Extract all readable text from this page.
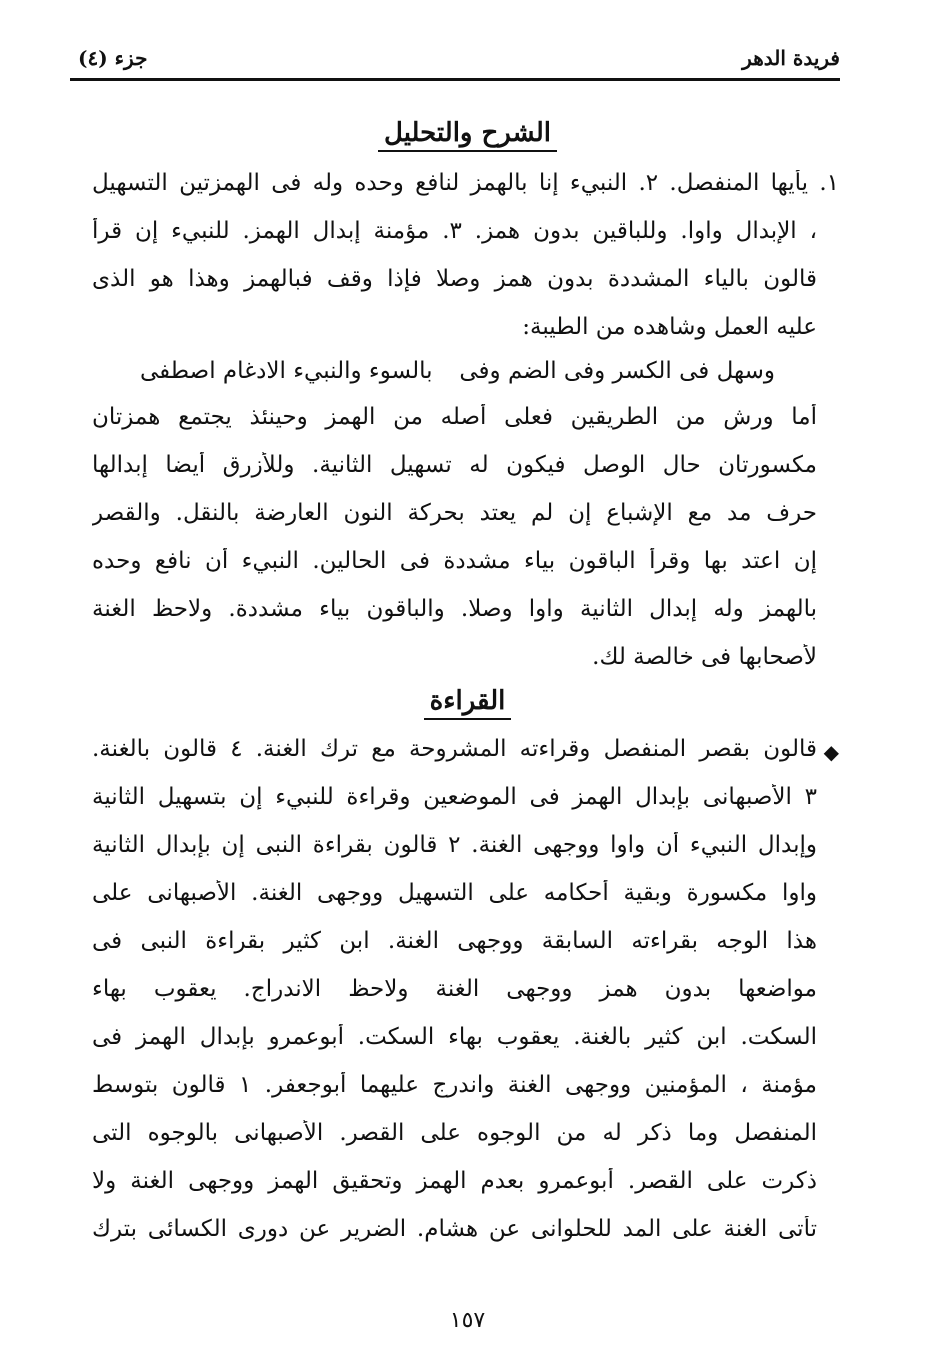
فريدة الدهر
جزء (٤)
الشرح والتحليل
١. يأيها المنفصل. ٢. النبيء إنا بالهمز لنافع وحده وله فى الهمزتين التسهيل
، الإبدال واوا. وللباقين بدون همز. ٣. مؤمنة إبدال الهمز. للنبيء إن قرأ
قالون بالياء المشددة بدون همز وصلا فإذا وقف فبالهمز وهذا هو الذى
عليه العمل وشاهده من الطيبة:
وسهل فى الكسر وفى الضم وفى
بالسوء والنبيء الادغام اصطفى
أما ورش من الطريقين فعلى أصله من الهمز وحينئذ يجتمع همزتان
مكسورتان حال الوصل فيكون له تسهيل الثانية. وللأزرق أيضا إبدالها
حرف مد مع الإشباع إن لم يعتد بحركة النون العارضة بالنقل. والقصر
إن اعتد بها وقرأ الباقون بياء مشددة فى الحالين. النبيء أن نافع وحده
بالهمز وله إبدال الثانية واوا وصلا. والباقون بياء مشددة. ولاحظ الغنة
لأصحابها فى خالصة لك.
القراءة
◆
قالون بقصر المنفصل وقراءته المشروحة مع ترك الغنة. ٤ قالون بالغنة.
٣ الأصبهانى بإبدال الهمز فى الموضعين وقراءة للنبيء إن بتسهيل الثانية
وإبدال النبيء أن واوا ووجهى الغنة. ٢ قالون بقراءة النبى إن بإبدال الثانية
واوا مكسورة وبقية أحكامه على التسهيل ووجهى الغنة. الأصبهانى على
هذا الوجه بقراءته السابقة ووجهى الغنة. ابن كثير بقراءة النبى فى
مواضعها بدون همز ووجهى الغنة ولاحظ الاندراج. يعقوب بهاء
السكت. ابن كثير بالغنة. يعقوب بهاء السكت. أبوعمرو بإبدال الهمز فى
مؤمنة ، المؤمنين ووجهى الغنة واندرج عليهما أبوجعفر. ١ قالون بتوسط
المنفصل وما ذكر له من الوجوه على القصر. الأصبهانى بالوجوه التى
ذكرت على القصر. أبوعمرو بعدم الهمز وتحقيق الهمز ووجهى الغنة ولا
تأتى الغنة على المد للحلوانى عن هشام. الضرير عن دورى الكسائى بترك
١٥٧
